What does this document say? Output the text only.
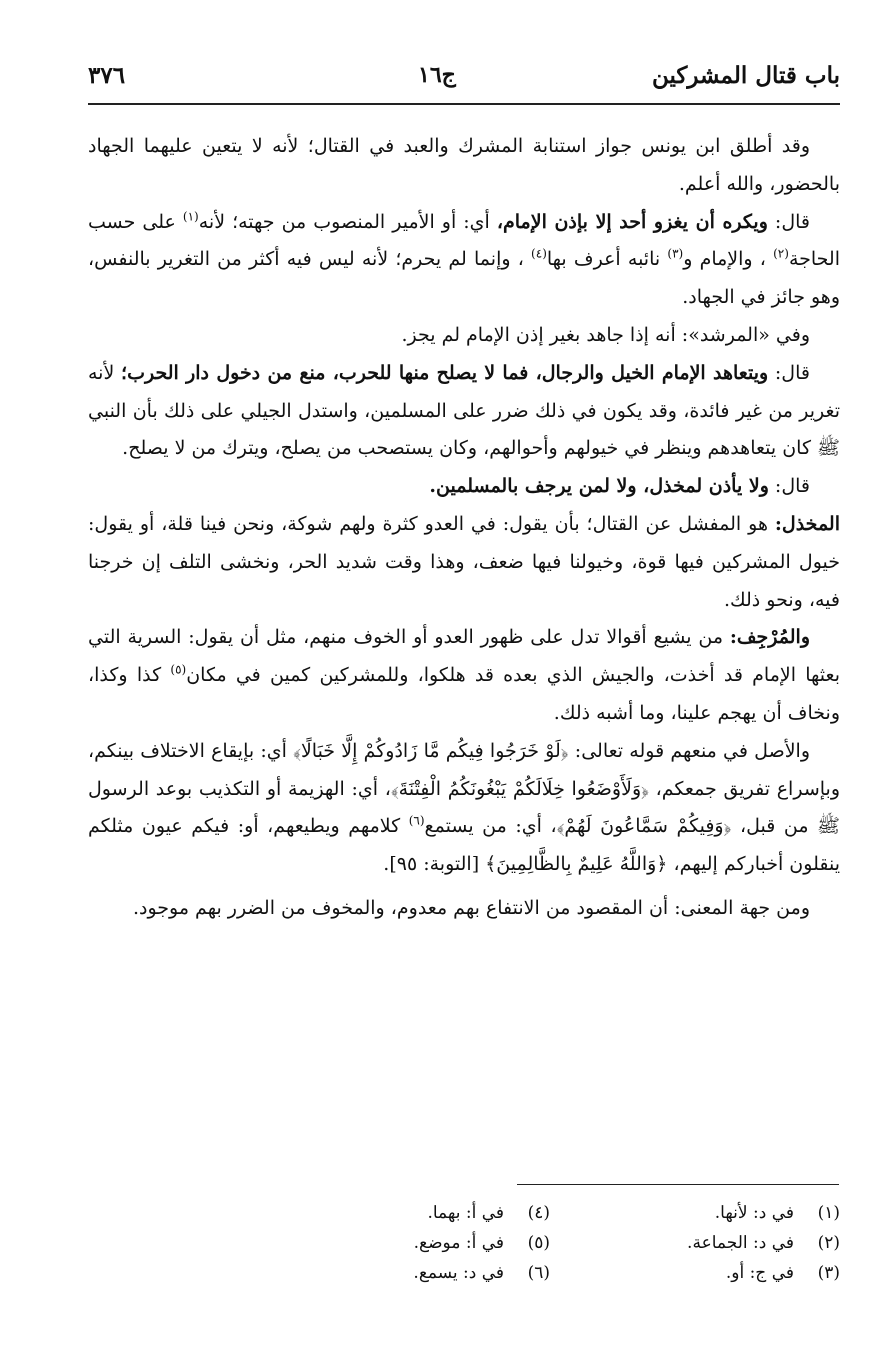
باب قتال المشركين
ج١٦
٣٧٦

وقد أطلق ابن يونس جواز استنابة المشرك والعبد في القتال؛ لأنه لا يتعين عليهما الجهاد بالحضور، والله أعلم.

قال: ويكره أن يغزو أحد إلا بإذن الإمام، أي: أو الأمير المنصوب من جهته؛ لأنه$^{(١)}$ على حسب الحاجة$^{(٢)}$ ، والإمام و$^{(٣)}$ نائبه أعرف بها$^{(٤)}$ ، وإنما لم يحرم؛ لأنه ليس فيه أكثر من التغرير بالنفس، وهو جائز في الجهاد.

وفي «المرشد»: أنه إذا جاهد بغير إذن الإمام لم يجز.

قال: ويتعاهد الإمام الخيل والرجال، فما لا يصلح منها للحرب، منع من دخول دار الحرب؛ لأنه تغرير من غير فائدة، وقد يكون في ذلك ضرر على المسلمين، واستدل الجيلي على ذلك بأن النبي ﷺ كان يتعاهدهم وينظر في خيولهم وأحوالهم، وكان يستصحب من يصلح، ويترك من لا يصلح.

قال: ولا يأذن لمخذل، ولا لمن يرجف بالمسلمين.

المخذل: هو المفشل عن القتال؛ بأن يقول: في العدو كثرة ولهم شوكة، ونحن فينا قلة، أو يقول: خيول المشركين فيها قوة، وخيولنا فيها ضعف، وهذا وقت شديد الحر، ونخشى التلف إن خرجنا فيه، ونحو ذلك.

والمُرْجِف: من يشيع أقوالا تدل على ظهور العدو أو الخوف منهم، مثل أن يقول: السرية التي بعثها الإمام قد أخذت، والجيش الذي بعده قد هلكوا، وللمشركين كمين في مكان$^{(٥)}$ كذا وكذا، ونخاف أن يهجم علينا، وما أشبه ذلك.

والأصل في منعهم قوله تعالى: ﴿لَوْ خَرَجُوا فِيكُم مَّا زَادُوكُمْ إِلَّا خَبَالًا﴾ أي: بإيقاع الاختلاف بينكم، وبإسراع تفريق جمعكم، ﴿وَلَأَوْضَعُوا خِلَالَكُمْ يَبْغُونَكُمُ الْفِتْنَةَ﴾، أي: الهزيمة أو التكذيب بوعد الرسول ﷺ من قبل، ﴿وَفِيكُمْ سَمَّاعُونَ لَهُمْ﴾، أي: من يستمع$^{(٦)}$ كلامهم ويطيعهم، أو: فيكم عيون مثلكم ينقلون أخباركم إليهم، ﴿وَاللَّهُ عَلِيمٌ بِالظَّالِمِينَ﴾ [التوبة: ٩٥].

ومن جهة المعنى: أن المقصود من الانتفاع بهم معدوم، والمخوف من الضرر بهم موجود.

(١)في د: لأنها.
(٢)في د: الجماعة.
(٣)في ج: أو.
(٤)في أ: بهما.
(٥)في أ: موضع.
(٦)في د: يسمع.
